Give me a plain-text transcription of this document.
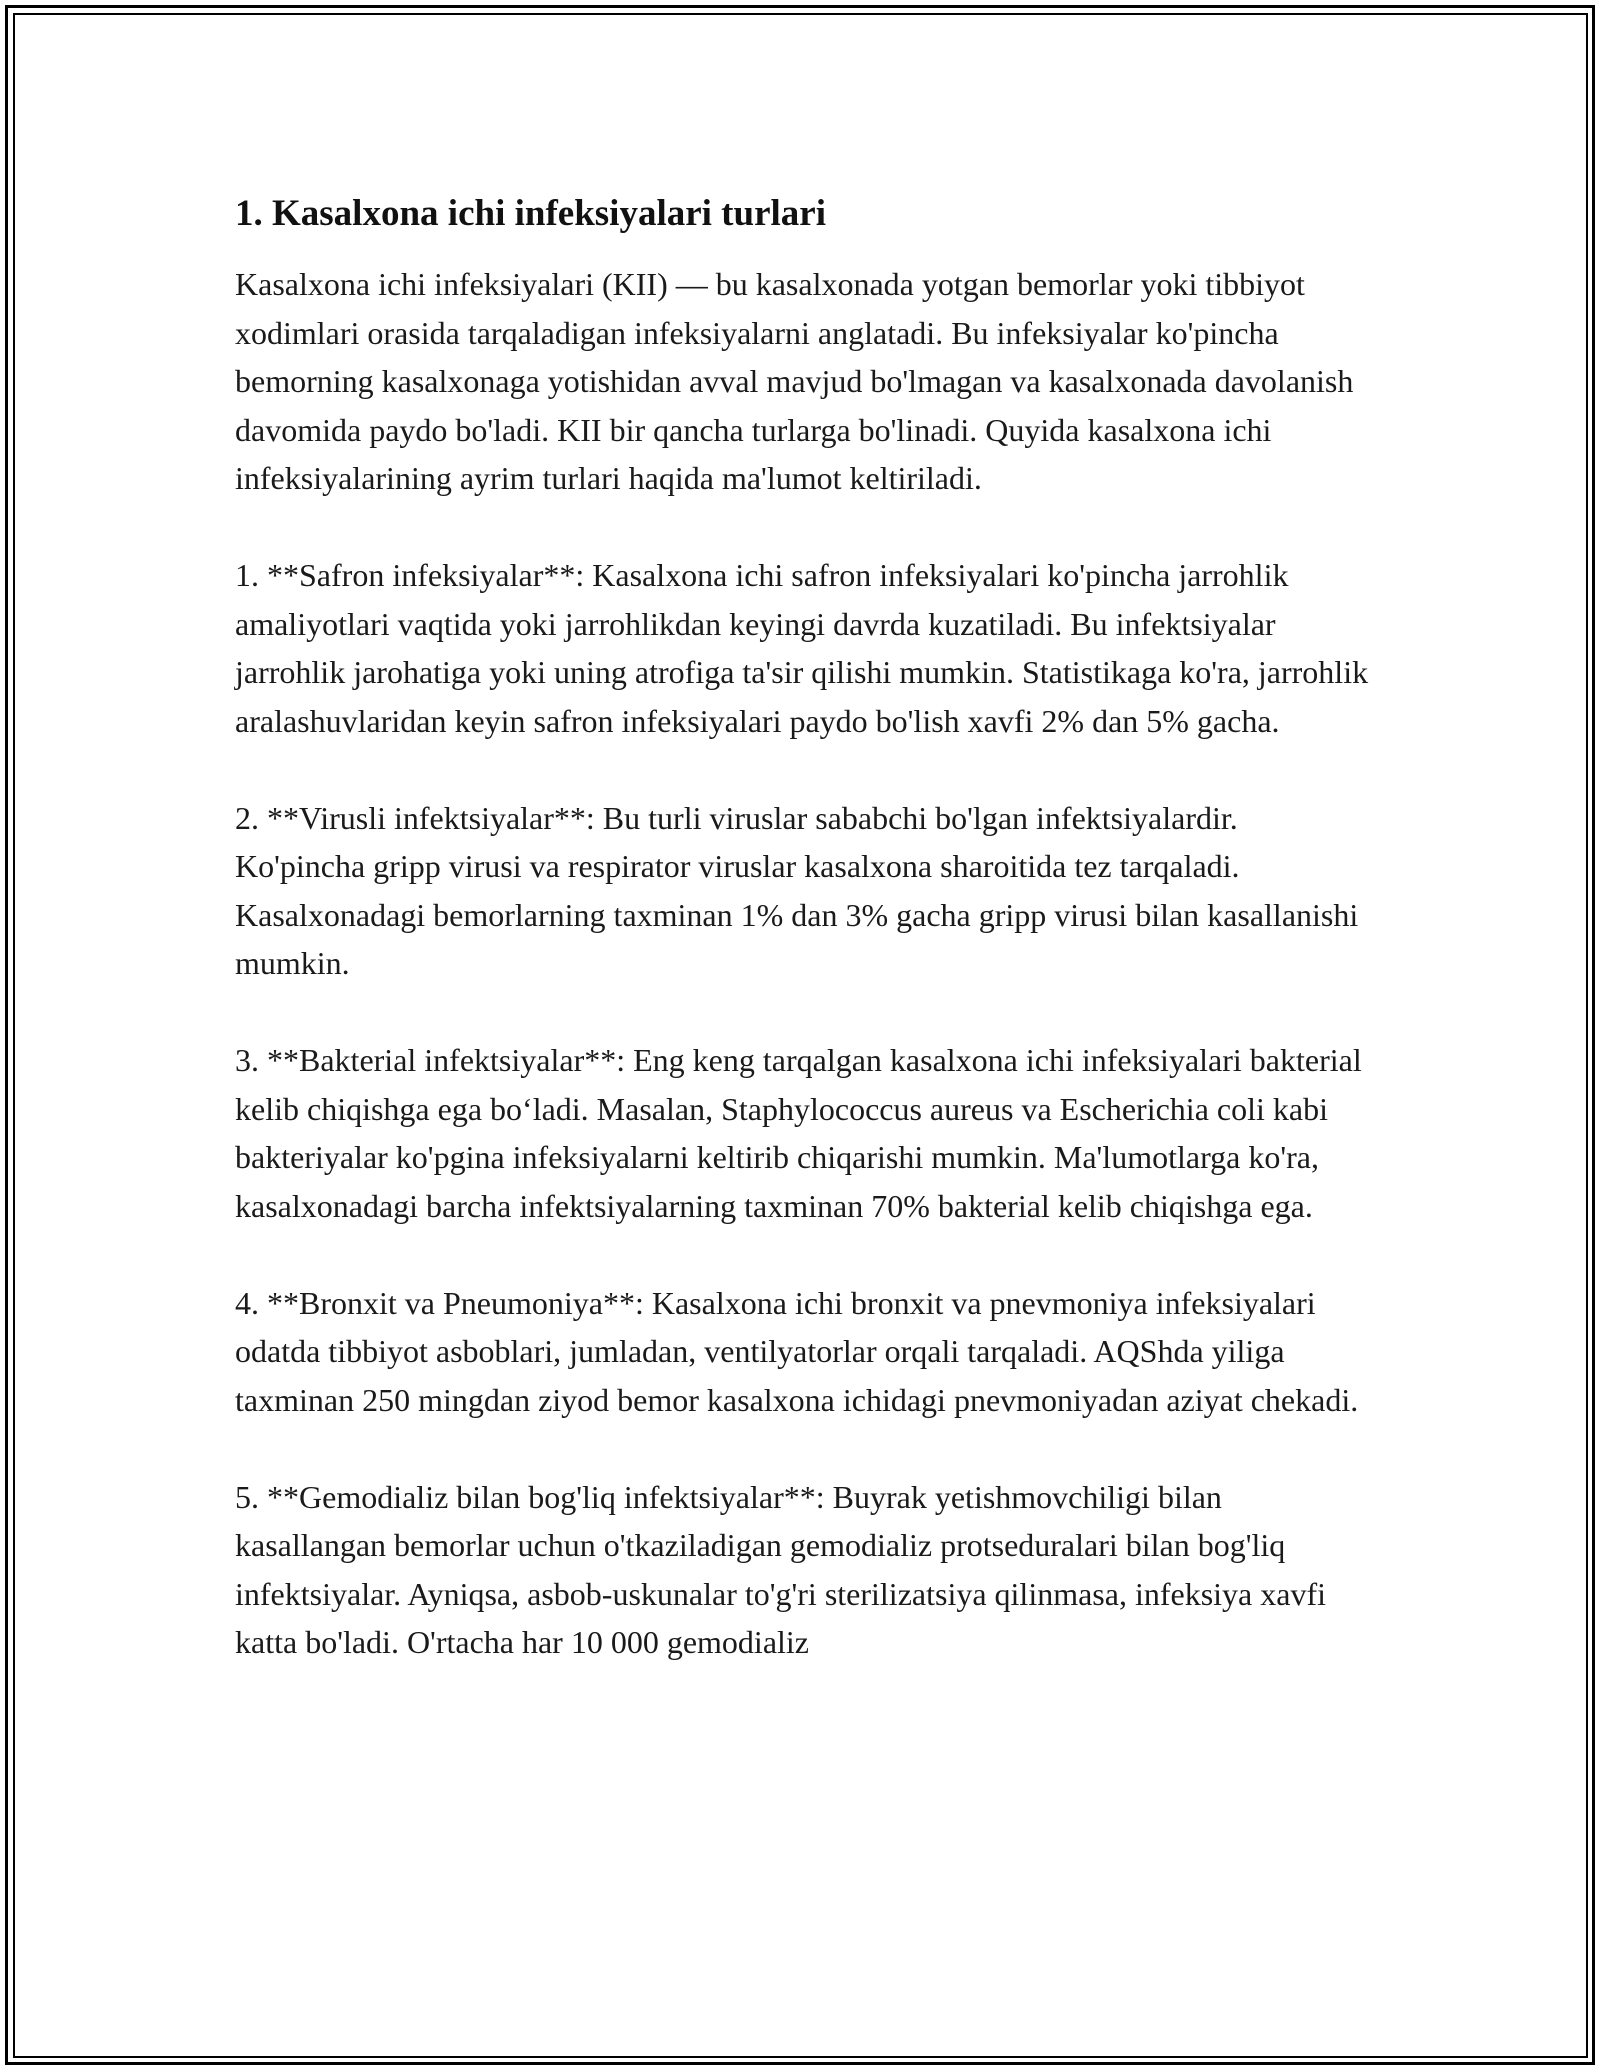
1. Kasalxona ichi infeksiyalari turlari

Kasalxona ichi infeksiyalari (KII) — bu kasalxonada yotgan bemorlar yoki tibbiyot xodimlari orasida tarqaladigan infeksiyalarni anglatadi. Bu infeksiyalar ko'pincha bemorning kasalxonaga yotishidan avval mavjud bo'lmagan va kasalxonada davolanish davomida paydo bo'ladi. KII bir qancha turlarga bo'linadi. Quyida kasalxona ichi infeksiyalarining ayrim turlari haqida ma'lumot keltiriladi.

1. **Safron infeksiyalar**: Kasalxona ichi safron infeksiyalari ko'pincha jarrohlik amaliyotlari vaqtida yoki jarrohlikdan keyingi davrda kuzatiladi. Bu infektsiyalar jarrohlik jarohatiga yoki uning atrofiga ta'sir qilishi mumkin. Statistikaga ko'ra, jarrohlik aralashuvlaridan keyin safron infeksiyalari paydo bo'lish xavfi 2% dan 5% gacha.

2. **Virusli infektsiyalar**: Bu turli viruslar sababchi bo'lgan infektsiyalardir. Ko'pincha gripp virusi va respirator viruslar kasalxona sharoitida tez tarqaladi. Kasalxonadagi bemorlarning taxminan 1% dan 3% gacha gripp virusi bilan kasallanishi mumkin.

3. **Bakterial infektsiyalar**: Eng keng tarqalgan kasalxona ichi infeksiyalari bakterial kelib chiqishga ega bo‘ladi. Masalan, Staphylococcus aureus va Escherichia coli kabi bakteriyalar ko'pgina infeksiyalarni keltirib chiqarishi mumkin. Ma'lumotlarga ko'ra, kasalxonadagi barcha infektsiyalarning taxminan 70% bakterial kelib chiqishga ega.

4. **Bronxit va Pneumoniya**: Kasalxona ichi bronxit va pnevmoniya infeksiyalari odatda tibbiyot asboblari, jumladan, ventilyatorlar orqali tarqaladi. AQShda yiliga taxminan 250 mingdan ziyod bemor kasalxona ichidagi pnevmoniyadan aziyat chekadi.

5. **Gemodializ bilan bog'liq infektsiyalar**: Buyrak yetishmovchiligi bilan kasallangan bemorlar uchun o'tkaziladigan gemodializ protseduralari bilan bog'liq infektsiyalar. Ayniqsa, asbob-uskunalar to'g'ri sterilizatsiya qilinmasa, infeksiya xavfi katta bo'ladi. O'rtacha har 10 000 gemodializ
